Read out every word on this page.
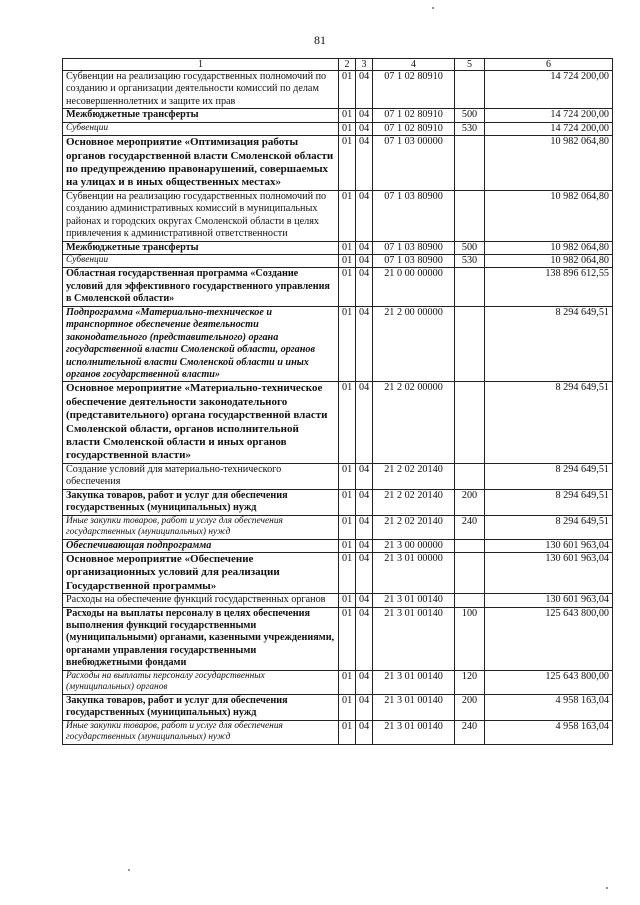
81
1	2	3	4	5	6
Субвенции на реализацию государственных полномочий по созданию и организации деятельности комиссий по делам несовершеннолетних и защите их прав	01	04	07 1 02 80910		14 724 200,00
Межбюджетные трансферты	01	04	07 1 02 80910	500	14 724 200,00
Субвенции	01	04	07 1 02 80910	530	14 724 200,00
Основное мероприятие «Оптимизация работы органов государственной власти Смоленской области по предупреждению правонарушений, совершаемых на улицах и в иных общественных местах»	01	04	07 1 03 00000		10 982 064,80
Субвенции на реализацию государственных полномочий по созданию административных комиссий в муниципальных районах и городских округах Смоленской области в целях привлечения к административной ответственности	01	04	07 1 03 80900		10 982 064,80
Межбюджетные трансферты	01	04	07 1 03 80900	500	10 982 064,80
Субвенции	01	04	07 1 03 80900	530	10 982 064,80
Областная государственная программа «Создание условий для эффективного государственного управления в Смоленской области»	01	04	21 0 00 00000		138 896 612,55
Подпрограмма «Материально-техническое и транспортное обеспечение деятельности законодательного (представительного) органа государственной власти Смоленской области, органов исполнительной власти Смоленской области и иных органов государственной власти»	01	04	21 2 00 00000		8 294 649,51
Основное мероприятие «Материально-техническое обеспечение деятельности законодательного (представительного) органа государственной власти Смоленской области, органов исполнительной власти Смоленской области и иных органов государственной власти»	01	04	21 2 02 00000		8 294 649,51
Создание условий для материально-технического обеспечения	01	04	21 2 02 20140		8 294 649,51
Закупка товаров, работ и услуг для обеспечения государственных (муниципальных) нужд	01	04	21 2 02 20140	200	8 294 649,51
Иные закупки товаров, работ и услуг для обеспечения государственных (муниципальных) нужд	01	04	21 2 02 20140	240	8 294 649,51
Обеспечивающая подпрограмма	01	04	21 3 00 00000		130 601 963,04
Основное мероприятие «Обеспечение организационных условий для реализации Государственной программы»	01	04	21 3 01 00000		130 601 963,04
Расходы на обеспечение функций государственных органов	01	04	21 3 01 00140		130 601 963,04
Расходы на выплаты персоналу в целях обеспечения выполнения функций государственными (муниципальными) органами, казенными учреждениями, органами управления государственными внебюджетными фондами	01	04	21 3 01 00140	100	125 643 800,00
Расходы на выплаты персоналу государственных (муниципальных) органов	01	04	21 3 01 00140	120	125 643 800,00
Закупка товаров, работ и услуг для обеспечения государственных (муниципальных) нужд	01	04	21 3 01 00140	200	4 958 163,04
Иные закупки товаров, работ и услуг для обеспечения государственных (муниципальных) нужд	01	04	21 3 01 00140	240	4 958 163,04
